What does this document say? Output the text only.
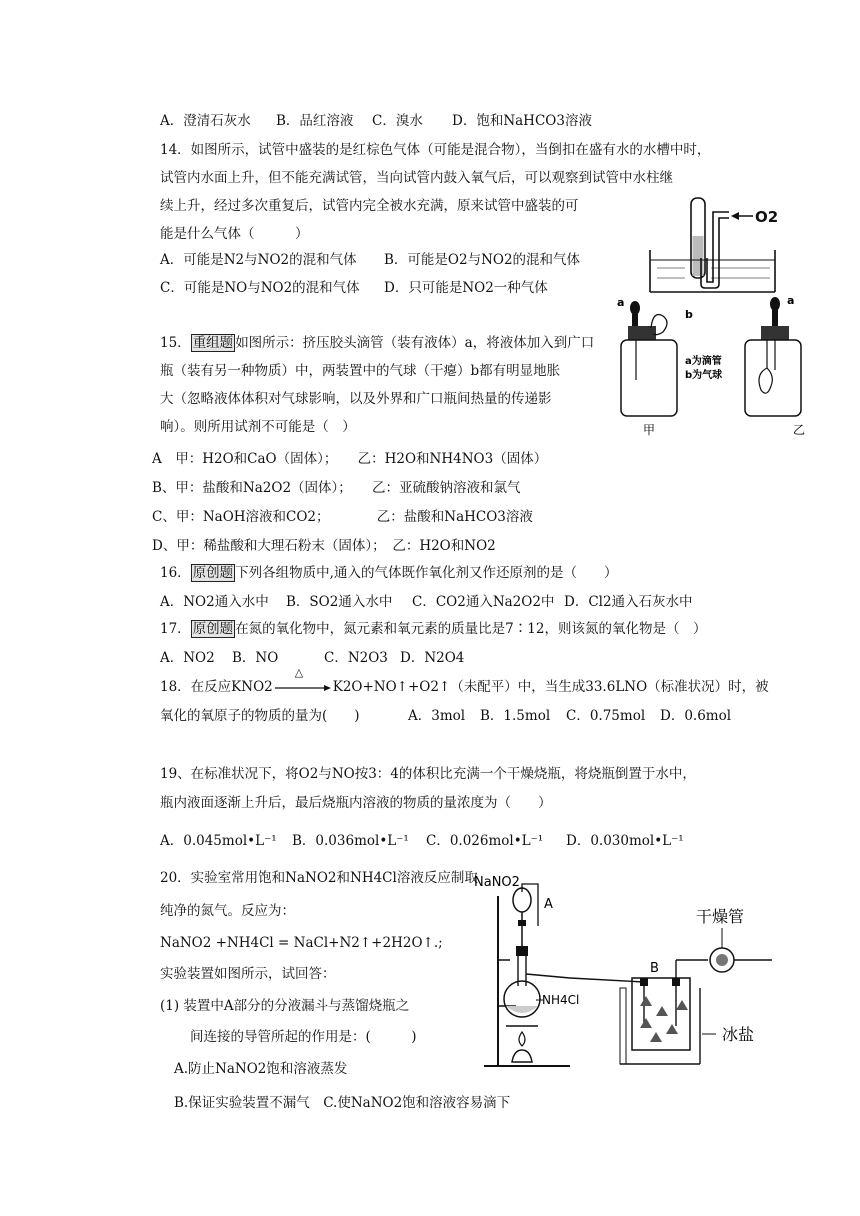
A．澄清石灰水 B．品红溶液 C．溴水 D．饱和NaHCO3溶液
14．如图所示，试管中盛装的是红棕色气体（可能是混合物），当倒扣在盛有水的水槽中时，
试管内水面上升，但不能充满试管，当向试管内鼓入氧气后，可以观察到试管中水柱继
续上升，经过多次重复后，试管内完全被水充满，原来试管中盛装的可
能是什么气体（　　　）
A．可能是N2与NO2的混和气体 B．可能是O2与NO2的混和气体
C．可能是NO与NO2的混和气体 D．只可能是NO2一种气体
O2
15． 重组题 如图所示：挤压胶头滴管（装有液体）a，将液体加入到广口
瓶（装有另一种物质）中，两装置中的气球（干瘪）b都有明显地胀
大（忽略液体体积对气球影响，以及外界和广口瓶间热量的传递影
响）。则所用试剂不可能是（　）
A　甲：H2O和CaO（固体）；　　乙：H2O和NH4NO3（固体）
B、甲：盐酸和Na2O2（固体）；　　乙：亚硫酸钠溶液和氯气
C、甲：NaOH溶液和CO2；　　　　乙：盐酸和NaHCO3溶液
D、甲：稀盐酸和大理石粉末（固体）；　乙：H2O和NO2
a
b
a为滴管
b为气球
甲
a
乙
16． 原创题 下列各组物质中,通入的气体既作氧化剂又作还原剂的是（　　）
A．NO2通入水中 B．SO2通入水中 C．CO2通入Na2O2中 D．Cl2通入石灰水中
17． 原创题 在氮的氧化物中，氮元素和氧元素的质量比是7∶12，则该氮的氧化物是（　）
A．NO2 B．NO	C．N2O3 D．N2O4
18．在反应KNO2
△
K2O+NO↑+O2↑（未配平）中，当生成33.6LNO（标准状况）时，被
氧化的氧原子的物质的量为(　　)	A．3mol B．1.5mol C．0.75mol D．0.6mol
19、在标准状况下，将O2与NO按3：4的体积比充满一个干燥烧瓶，将烧瓶倒置于水中，
瓶内液面逐渐上升后，最后烧瓶内溶液的物质的量浓度为（　　）
A．0.045mol•L⁻¹ B．0.036mol•L⁻¹ C．0.026mol•L⁻¹ D．0.030mol•L⁻¹
20．实验室常用饱和NaNO2和NH4Cl溶液反应制取
纯净的氮气。反应为：
NaNO2 +NH4Cl = NaCl+N2↑+2H2O↑.;
实验装置如图所示，试回答：
(1) 装置中A部分的分液漏斗与蒸馏烧瓶之
间连接的导管所起的作用是：(　　　)
A.防止NaNO2饱和溶液蒸发
B.保证实验装置不漏气　C.使NaNO2饱和溶液容易滴下
NaNO2
A
NH4Cl
B
干燥管
冰盐
